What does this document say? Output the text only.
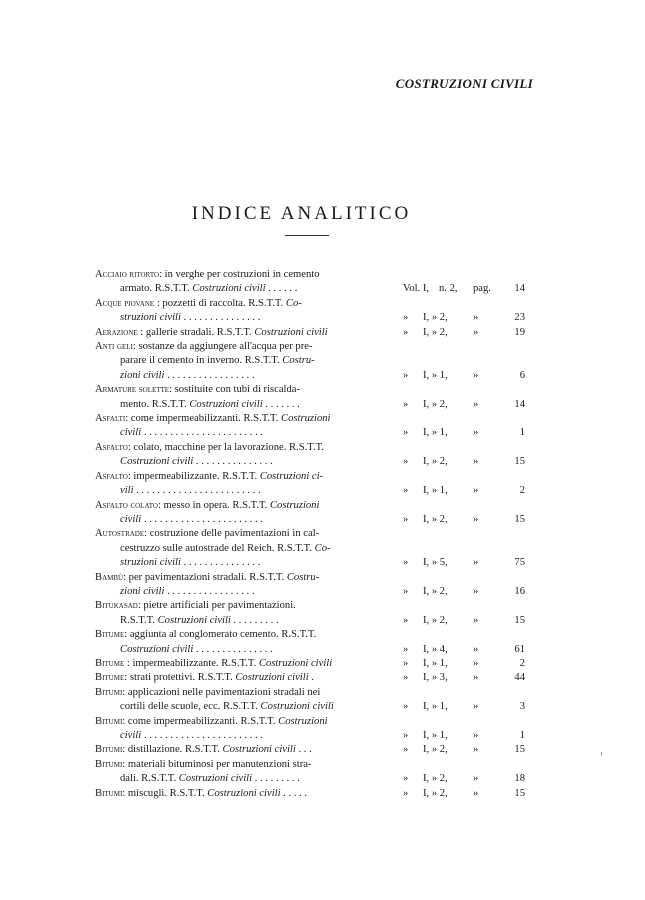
COSTRUZIONI CIVILI
INDICE ANALITICO
Acciaio ritorto: in verghe per costruzioni in cemento
armato. R.S.T.T. Costruzioni civili . . . . . .	Vol. I, n. 2,	pag.	14
Acque piovane : pozzetti di raccolta. R.S.T.T. Co-
struzioni civili . . . . . . . . . . . . . . .	»	I, » 2,	»	23
Aerazione : gallerie stradali. R.S.T.T. Costruzioni civili	»	I, » 2,	»	19
Anti geli: sostanze da aggiungere all'acqua per pre-
parare il cemento in inverno. R.S.T.T. Costru-
zioni civili . . . . . . . . . . . . . . . . .	»	I, » 1,	»	6
Armature solette: sostituite con tubi di riscalda-
mento. R.S.T.T. Costruzioni civili . . . . . . .	»	I, » 2,	»	14
Asfalti: come impermeabilizzanti. R.S.T.T. Costruzioni
civili . . . . . . . . . . . . . . . . . . . . . . .	»	I, » 1,	»	1
Asfalto: colato, macchine per la lavorazione. R.S.T.T.
Costruzioni civili . . . . . . . . . . . . . . .	»	I, » 2,	»	15
Asfalto: impermeabilizzante. R.S.T.T. Costruzioni ci-
vili . . . . . . . . . . . . . . . . . . . . . . . .	»	I, » 1,	»	2
Asfalto colato: messo in opera. R.S.T.T. Costruzioni
civili . . . . . . . . . . . . . . . . . . . . . . .	»	I, » 2,	»	15
Autostrade: costruzione delle pavimentazioni in cal-
cestruzzo sulle autostrade del Reich. R.S.T.T. Co-
struzioni civili . . . . . . . . . . . . . . .	»	I, » 5,	»	75
Bambù: per pavimentazioni stradali. R.S.T.T. Costru-
zioni civili . . . . . . . . . . . . . . . . .	»	I, » 2,	»	16
Bitukasad: pietre artificiali per pavimentazioni.
R.S.T.T. Costruzioni civili . . . . . . . . .	»	I, » 2,	»	15
Bitume: aggiunta al conglomerato cemento. R.S.T.T.
Costruzioni civili . . . . . . . . . . . . . . .	»	I, » 4,	»	61
Bitume : impermeabilizzante. R.S.T.T. Costruzioni civili	»	I, » 1,	»	2
Bitume: strati protettivi. R.S.T.T. Costruzioni civili .	»	I, » 3,	»	44
Bitumi: applicazioni nelle pavimentazioni stradali nei
cortili delle scuole, ecc. R.S.T.T. Costruzioni civili	»	I, » 1,	»	3
Bitumi: come impermeabilizzanti. R.S.T.T. Costruzioni
civili . . . . . . . . . . . . . . . . . . . . . . .	»	I, » 1,	»	1
Bitumi: distillazione. R.S.T.T. Costruzioni civili . . .	»	I, » 2,	»	15
Bitumi: materiali bituminosi per manutenzioni stra-
dali. R.S.T.T. Costruzioni civili . . . . . . . . .	»	I, » 2,	»	18
Bitumi: miscugli. R.S.T.T. Costruzioni civili . . . . .	»	I, » 2,	»	15
